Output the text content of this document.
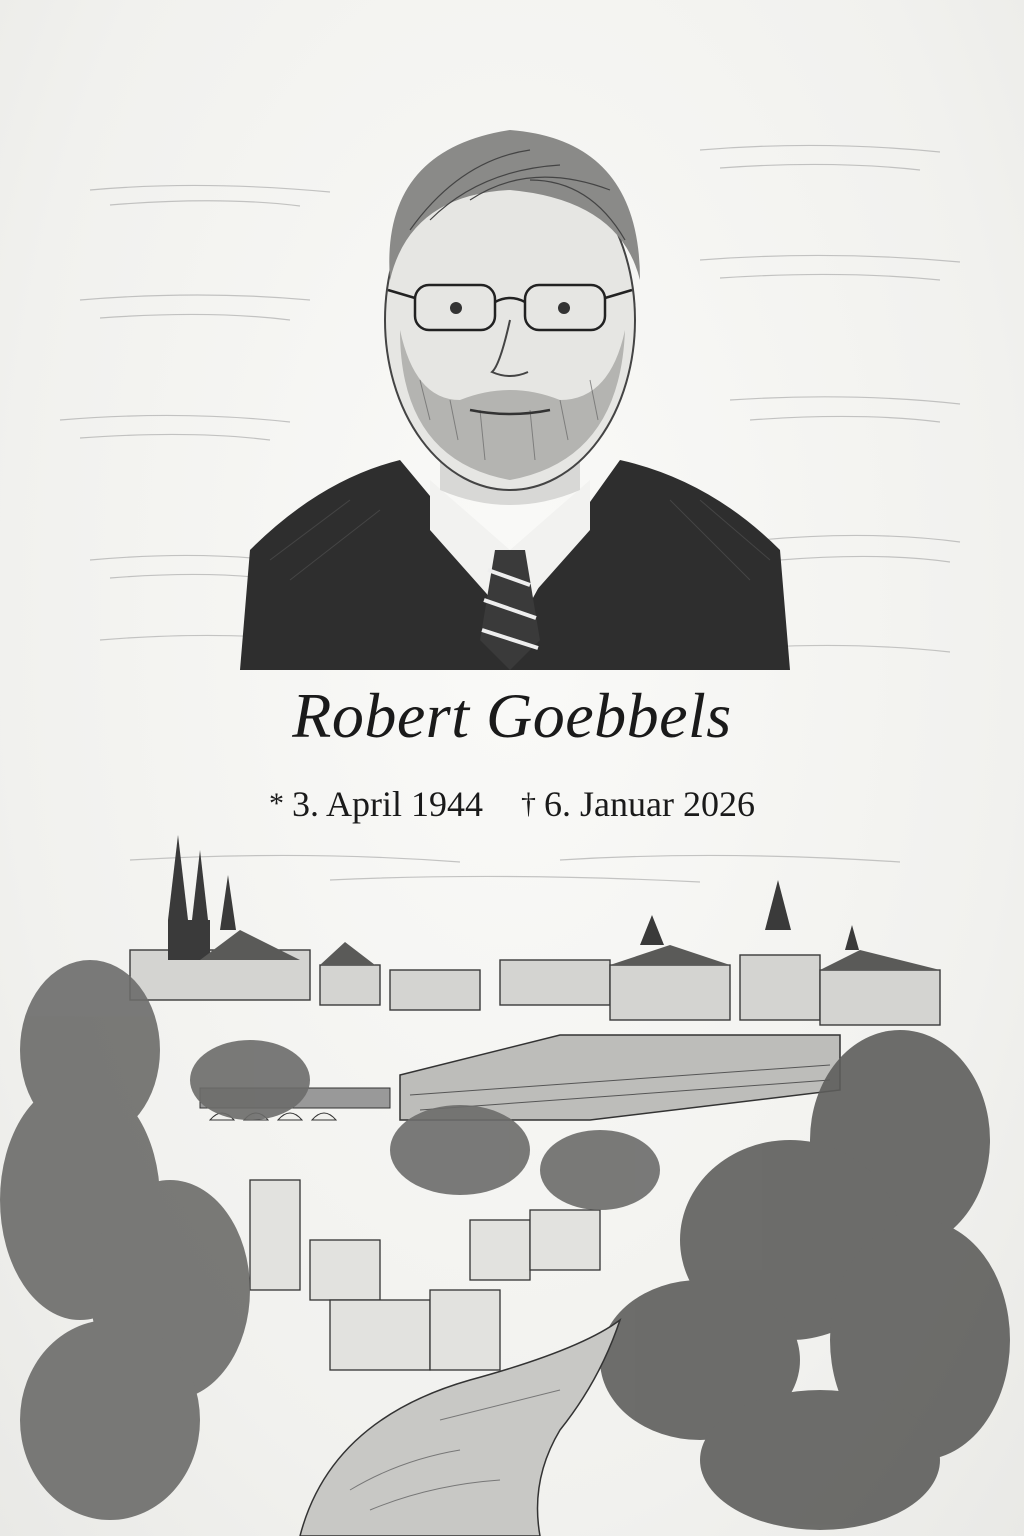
Robert Goebbels
* 3. April 1944 † 6. Januar 2026
